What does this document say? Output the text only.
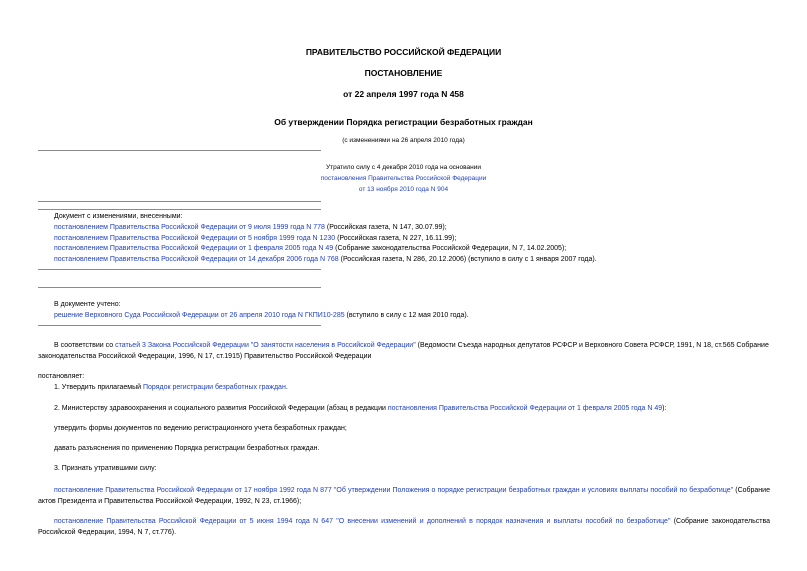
ПРАВИТЕЛЬСТВО РОССИЙСКОЙ ФЕДЕРАЦИИ
ПОСТАНОВЛЕНИЕ
от 22 апреля 1997 года N 458
Об утверждении Порядка регистрации безработных граждан
(с изменениями на 26 апреля 2010 года)
Утратило силу с 4 декабря 2010 года на основании
постановления Правительства Российской Федерации
от 13 ноября 2010 года N 904
Документ с изменениями, внесенными:
постановлением Правительства Российской Федерации от 9 июля 1999 года N 778 (Российская газета, N 147, 30.07.99);
постановлением Правительства Российской Федерации от 5 ноября 1999 года N 1230 (Российская газета, N 227, 16.11.99);
постановлением Правительства Российской Федерации от 1 февраля 2005 года N 49 (Собрание законодательства Российской Федерации, N 7, 14.02.2005);
постановлением Правительства Российской Федерации от 14 декабря 2006 года N 768 (Российская газета, N 286, 20.12.2006) (вступило в силу с 1 января 2007 года).
В документе учтено:
решение Верховного Суда Российской Федерации от 26 апреля 2010 года N ГКПИ10-285 (вступило в силу с 12 мая 2010 года).
В соответствии со статьей 3 Закона Российской Федерации "О занятости населения в Российской Федерации" (Ведомости Съезда народных депутатов РСФСР и Верховного Совета РСФСР, 1991, N 18, ст.565 Собрание законодательства Российской Федерации, 1996, N 17, ст.1915) Правительство Российской Федерации
постановляет:
1. Утвердить прилагаемый Порядок регистрации безработных граждан.
2. Министерству здравоохранения и социального развития Российской Федерации (абзац в редакции постановления Правительства Российской Федерации от 1 февраля 2005 года N 49):
утвердить формы документов по ведению регистрационного учета безработных граждан;
давать разъяснения по применению Порядка регистрации безработных граждан.
3. Признать утратившими силу:
постановление Правительства Российской Федерации от 17 ноября 1992 года N 877 "Об утверждении Положения о порядке регистрации безработных граждан и условиях выплаты пособий по безработице" (Собрание актов Президента и Правительства Российской Федерации, 1992, N 23, ст.1966);
постановление Правительства Российской Федерации от 5 июня 1994 года N 647 "О внесении изменений и дополнений в порядок назначения и выплаты пособий по безработице" (Собрание законодательства Российской Федерации, 1994, N 7, ст.776).
